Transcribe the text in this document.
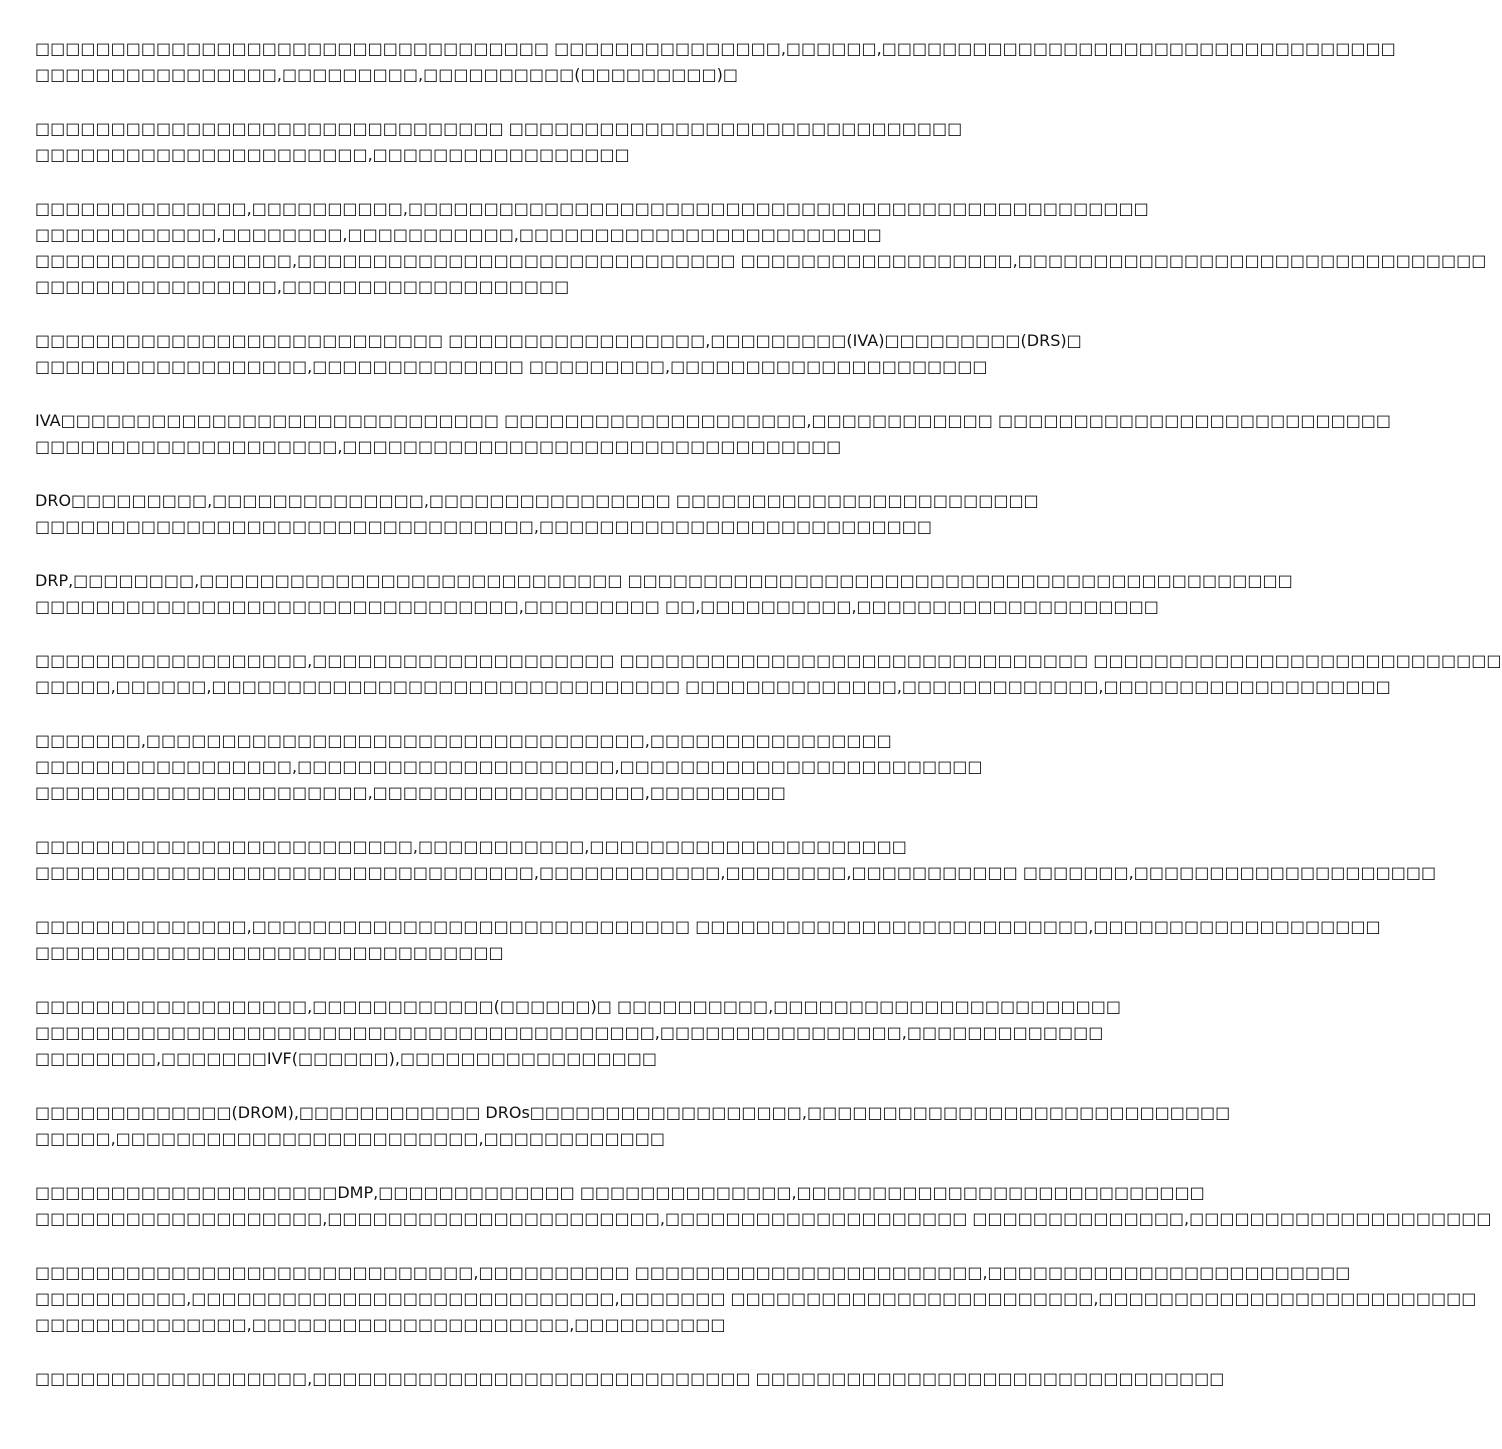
□□□□□□□□□□□□□□□□□□□□□□□□□□□□□□□□□□ □□□□□□□□□□□□□□□,□□□□□□,□□□□□□□□□□□□□□□□□□□□□□□□□□□□□□□□□□
□□□□□□□□□□□□□□□□,□□□□□□□□□,□□□□□□□□□□(□□□□□□□□□)□

□□□□□□□□□□□□□□□□□□□□□□□□□□□□□□□ □□□□□□□□□□□□□□□□□□□□□□□□□□□□□□
□□□□□□□□□□□□□□□□□□□□□□,□□□□□□□□□□□□□□□□□

□□□□□□□□□□□□□□,□□□□□□□□□□,□□□□□□□□□□□□□□□□□□□□□□□□□□□□□□□□□□□□□□□□□□□□□□□□□
□□□□□□□□□□□□,□□□□□□□□,□□□□□□□□□□□,□□□□□□□□□□□□□□□□□□□□□□□□
□□□□□□□□□□□□□□□□□,□□□□□□□□□□□□□□□□□□□□□□□□□□□□□ □□□□□□□□□□□□□□□□□□,□□□□□□□□□□□□□□□□□□□□□□□□□□□□□□□
□□□□□□□□□□□□□□□□,□□□□□□□□□□□□□□□□□□□

□□□□□□□□□□□□□□□□□□□□□□□□□□□ □□□□□□□□□□□□□□□□□,□□□□□□□□□(IVA)□□□□□□□□□(DRS)□
□□□□□□□□□□□□□□□□□□,□□□□□□□□□□□□□□ □□□□□□□□□,□□□□□□□□□□□□□□□□□□□□□

IVA□□□□□□□□□□□□□□□□□□□□□□□□□□□□□ □□□□□□□□□□□□□□□□□□□□,□□□□□□□□□□□□ □□□□□□□□□□□□□□□□□□□□□□□□□□
□□□□□□□□□□□□□□□□□□□□,□□□□□□□□□□□□□□□□□□□□□□□□□□□□□□□□□

DRO□□□□□□□□□,□□□□□□□□□□□□□□,□□□□□□□□□□□□□□□□ □□□□□□□□□□□□□□□□□□□□□□□□
□□□□□□□□□□□□□□□□□□□□□□□□□□□□□□□□□,□□□□□□□□□□□□□□□□□□□□□□□□□□

DRP,□□□□□□□□,□□□□□□□□□□□□□□□□□□□□□□□□□□□□ □□□□□□□□□□□□□□□□□□□□□□□□□□□□□□□□□□□□□□□□□□□□
□□□□□□□□□□□□□□□□□□□□□□□□□□□□□□□□,□□□□□□□□□ □□,□□□□□□□□□□,□□□□□□□□□□□□□□□□□□□□

□□□□□□□□□□□□□□□□□□,□□□□□□□□□□□□□□□□□□□□ □□□□□□□□□□□□□□□□□□□□□□□□□□□□□□□ □□□□□□□□□□□□□□□□□□□□□□□□□□□
□□□□□,□□□□□□,□□□□□□□□□□□□□□□□□□□□□□□□□□□□□□□ □□□□□□□□□□□□□□,□□□□□□□□□□□□□,□□□□□□□□□□□□□□□□□□□

□□□□□□□,□□□□□□□□□□□□□□□□□□□□□□□□□□□□□□□□□,□□□□□□□□□□□□□□□□
□□□□□□□□□□□□□□□□□,□□□□□□□□□□□□□□□□□□□□□,□□□□□□□□□□□□□□□□□□□□□□□□
□□□□□□□□□□□□□□□□□□□□□□,□□□□□□□□□□□□□□□□□□,□□□□□□□□□

□□□□□□□□□□□□□□□□□□□□□□□□□,□□□□□□□□□□□,□□□□□□□□□□□□□□□□□□□□□
□□□□□□□□□□□□□□□□□□□□□□□□□□□□□□□□□,□□□□□□□□□□□□,□□□□□□□□,□□□□□□□□□□□ □□□□□□□,□□□□□□□□□□□□□□□□□□□□

□□□□□□□□□□□□□□,□□□□□□□□□□□□□□□□□□□□□□□□□□□□□ □□□□□□□□□□□□□□□□□□□□□□□□□□,□□□□□□□□□□□□□□□□□□□
□□□□□□□□□□□□□□□□□□□□□□□□□□□□□□□

□□□□□□□□□□□□□□□□□□,□□□□□□□□□□□□(□□□□□□)□ □□□□□□□□□□,□□□□□□□□□□□□□□□□□□□□□□□
□□□□□□□□□□□□□□□□□□□□□□□□□□□□□□□□□□□□□□□□□,□□□□□□□□□□□□□□□□,□□□□□□□□□□□□□
□□□□□□□□,□□□□□□□IVF(□□□□□□),□□□□□□□□□□□□□□□□□

□□□□□□□□□□□□□(DROM),□□□□□□□□□□□□ DROs□□□□□□□□□□□□□□□□□□,□□□□□□□□□□□□□□□□□□□□□□□□□□□□
□□□□□,□□□□□□□□□□□□□□□□□□□□□□□□,□□□□□□□□□□□□

□□□□□□□□□□□□□□□□□□□□DMP,□□□□□□□□□□□□□ □□□□□□□□□□□□□□,□□□□□□□□□□□□□□□□□□□□□□□□□□□
□□□□□□□□□□□□□□□□□□□,□□□□□□□□□□□□□□□□□□□□□□,□□□□□□□□□□□□□□□□□□□□ □□□□□□□□□□□□□□,□□□□□□□□□□□□□□□□□□□□

□□□□□□□□□□□□□□□□□□□□□□□□□□□□□,□□□□□□□□□□ □□□□□□□□□□□□□□□□□□□□□□□,□□□□□□□□□□□□□□□□□□□□□□□□
□□□□□□□□□□,□□□□□□□□□□□□□□□□□□□□□□□□□□□□,□□□□□□□ □□□□□□□□□□□□□□□□□□□□□□□□,□□□□□□□□□□□□□□□□□□□□□□□□□
□□□□□□□□□□□□□□,□□□□□□□□□□□□□□□□□□□□□,□□□□□□□□□□

□□□□□□□□□□□□□□□□□□,□□□□□□□□□□□□□□□□□□□□□□□□□□□□□ □□□□□□□□□□□□□□□□□□□□□□□□□□□□□□□
